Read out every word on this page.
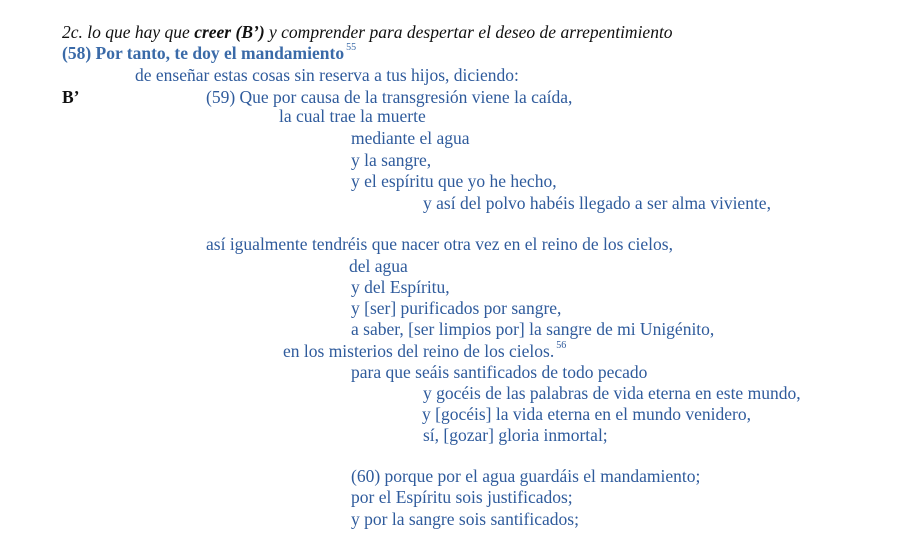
2c. lo que hay que creer (B’) y comprender para despertar el deseo de arrepentimiento
(58) Por tanto, te doy el mandamiento $^{55}$
de enseñar estas cosas sin reserva a tus hijos, diciendo:
B’	(59) Que por causa de la transgresión viene la caída,
la cual trae la muerte
mediante el agua
y la sangre,
y el espíritu que yo he hecho,
y así del polvo habéis llegado a ser alma viviente,
así igualmente tendréis que nacer otra vez en el reino de los cielos,
del agua
y del Espíritu,
y [ser] purificados por sangre,
a saber, [ser limpios por] la sangre de mi Unigénito,
en los misterios del reino de los cielos. $^{56}$
para que seáis santificados de todo pecado
y gocéis de las palabras de vida eterna en este mundo,
y [gocéis] la vida eterna en el mundo venidero,
sí, [gozar] gloria inmortal;
(60) porque por el agua guardáis el mandamiento;
por el Espíritu sois justificados;
y por la sangre sois santificados;
